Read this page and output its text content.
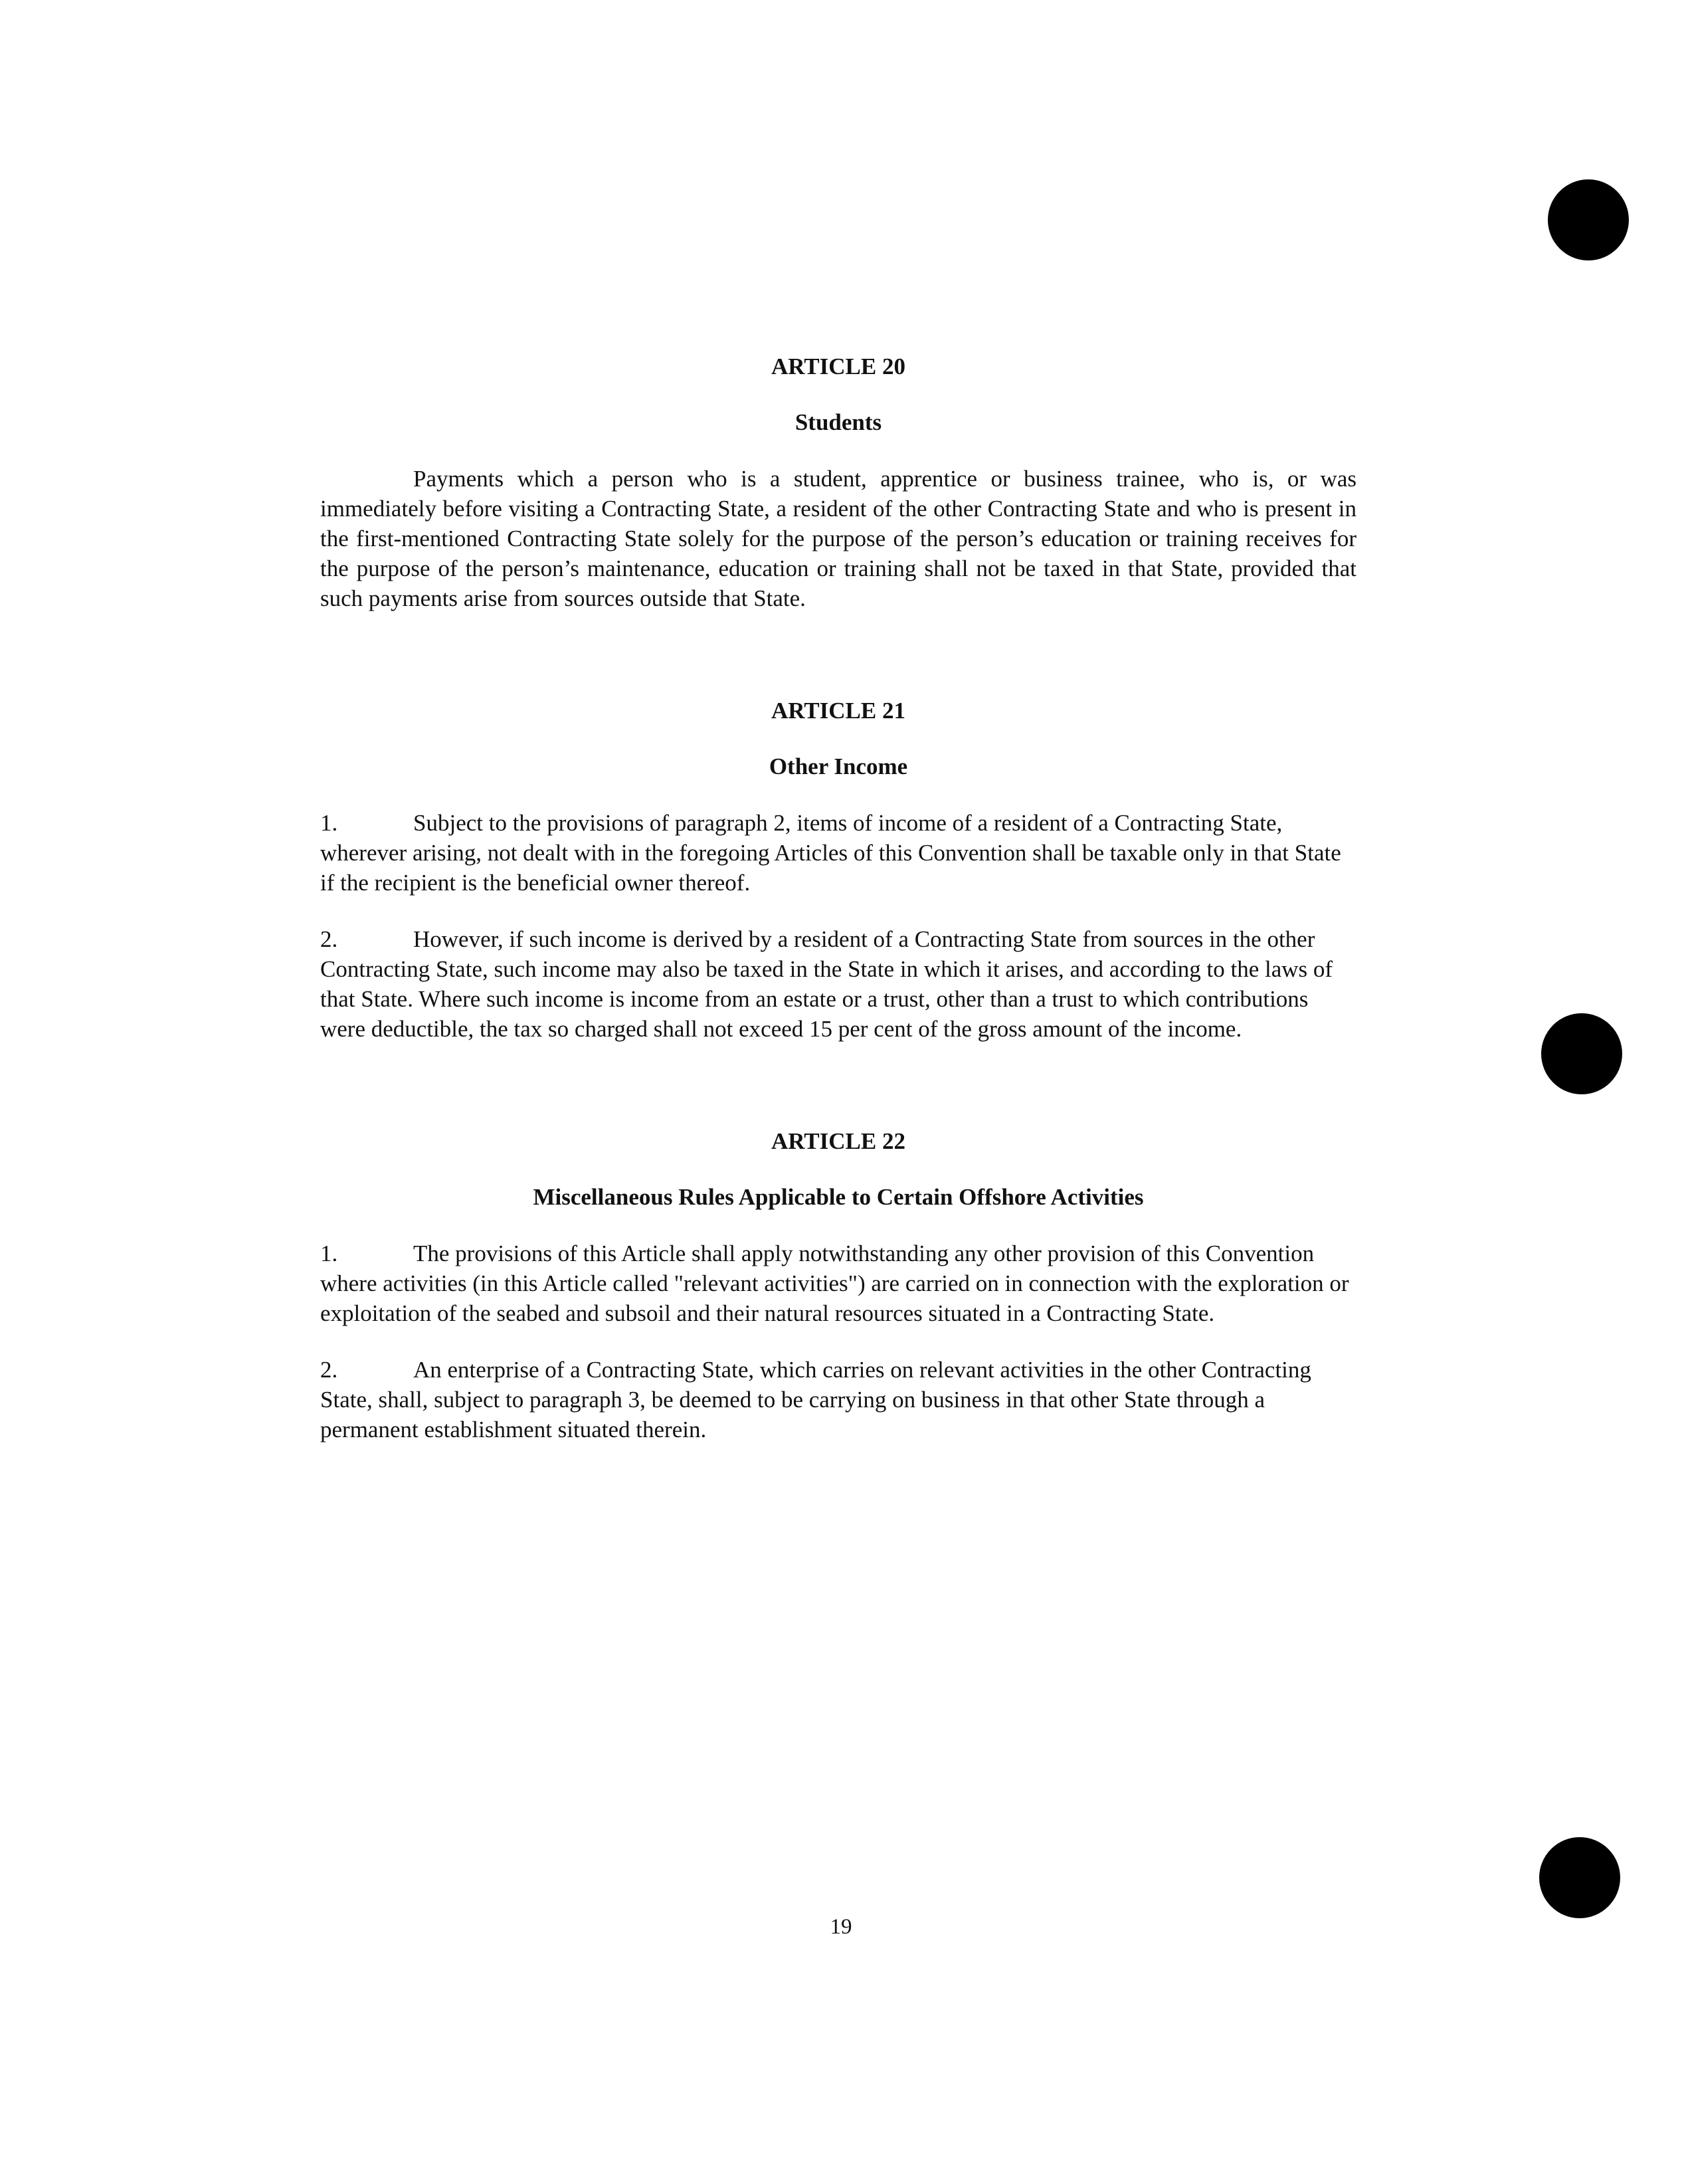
ARTICLE 20
Students

Payments which a person who is a student, apprentice or business trainee, who is, or was immediately before visiting a Contracting State, a resident of the other Contracting State and who is present in the first-mentioned Contracting State solely for the purpose of the person’s education or training receives for the purpose of the person’s maintenance, education or training shall not be taxed in that State, provided that such payments arise from sources outside that State.

ARTICLE 21
Other Income
1.	Subject to the provisions of paragraph 2, items of income of a resident of a Contracting State, wherever arising, not dealt with in the foregoing Articles of this Convention shall be taxable only in that State if the recipient is the beneficial owner thereof.
2.	However, if such income is derived by a resident of a Contracting State from sources in the other Contracting State, such income may also be taxed in the State in which it arises, and according to the laws of that State. Where such income is income from an estate or a trust, other than a trust to which contributions were deductible, the tax so charged shall not exceed 15 per cent of the gross amount of the income.
ARTICLE 22
Miscellaneous Rules Applicable to Certain Offshore Activities
1.	The provisions of this Article shall apply notwithstanding any other provision of this Convention where activities (in this Article called "relevant activities") are carried on in connection with the exploration or exploitation of the seabed and subsoil and their natural resources situated in a Contracting State.
2.	An enterprise of a Contracting State, which carries on relevant activities in the other Contracting State, shall, subject to paragraph 3, be deemed to be carrying on business in that other State through a permanent establishment situated therein.
19
